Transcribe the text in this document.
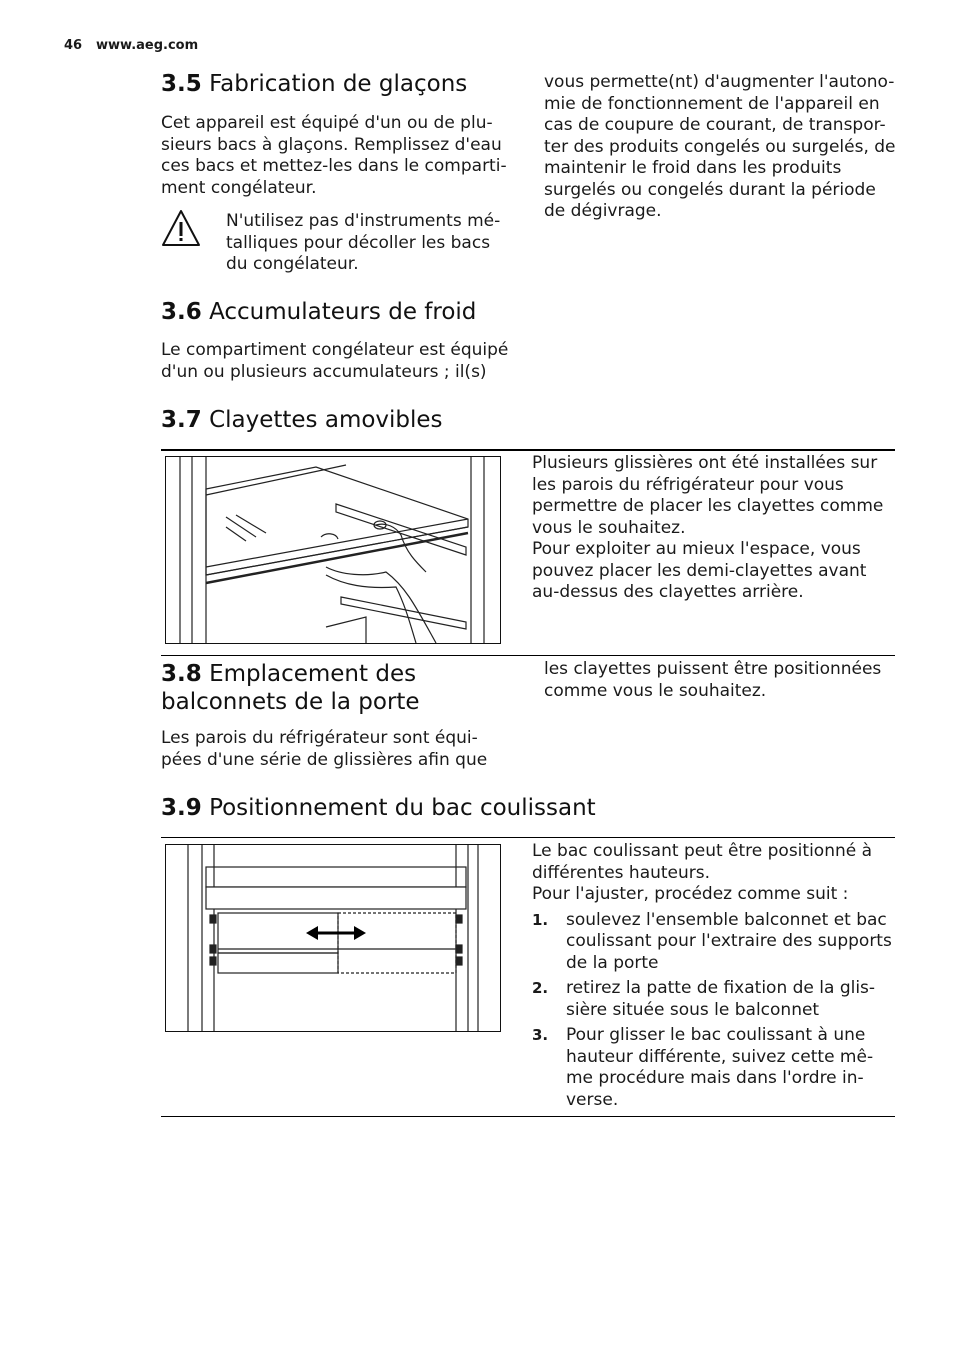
46 www.aeg.com
3.5 Fabrication de glaçons
Cet appareil est équipé d'un ou de plu-sieurs bacs à glaçons. Remplissez d'eau ces bacs et mettez-les dans le comparti-ment congélateur.
N'utilisez pas d'instruments mé-talliques pour décoller les bacs du congélateur.
3.6 Accumulateurs de froid
Le compartiment congélateur est équipé d'un ou plusieurs accumulateurs ; il(s)
vous permette(nt) d'augmenter l'autono-mie de fonctionnement de l'appareil en cas de coupure de courant, de transpor-ter des produits congelés ou surgelés, de maintenir le froid dans les produits surgelés ou congelés durant la période de dégivrage.
3.7 Clayettes amovibles

Plusieurs glissières ont été installées sur les parois du réfrigérateur pour vous permettre de placer les clayettes comme vous le souhaitez.

Pour exploiter au mieux l'espace, vous pouvez placer les demi-clayettes avant au-dessus des clayettes arrière.

3.8 Emplacement des
balconnets de la porte
Les parois du réfrigérateur sont équi-pées d'une série de glissières afin que
les clayettes puissent être positionnées comme vous le souhaitez.
3.9 Positionnement du bac coulissant

Le bac coulissant peut être positionné à différentes hauteurs.

Pour l'ajuster, procédez comme suit :

1. soulevez l'ensemble balconnet et bac coulissant pour l'extraire des supports de la porte
2. retirez la patte de fixation de la glis-sière située sous le balconnet
3. Pour glisser le bac coulissant à une hauteur différente, suivez cette mê-me procédure mais dans l'ordre in-verse.
